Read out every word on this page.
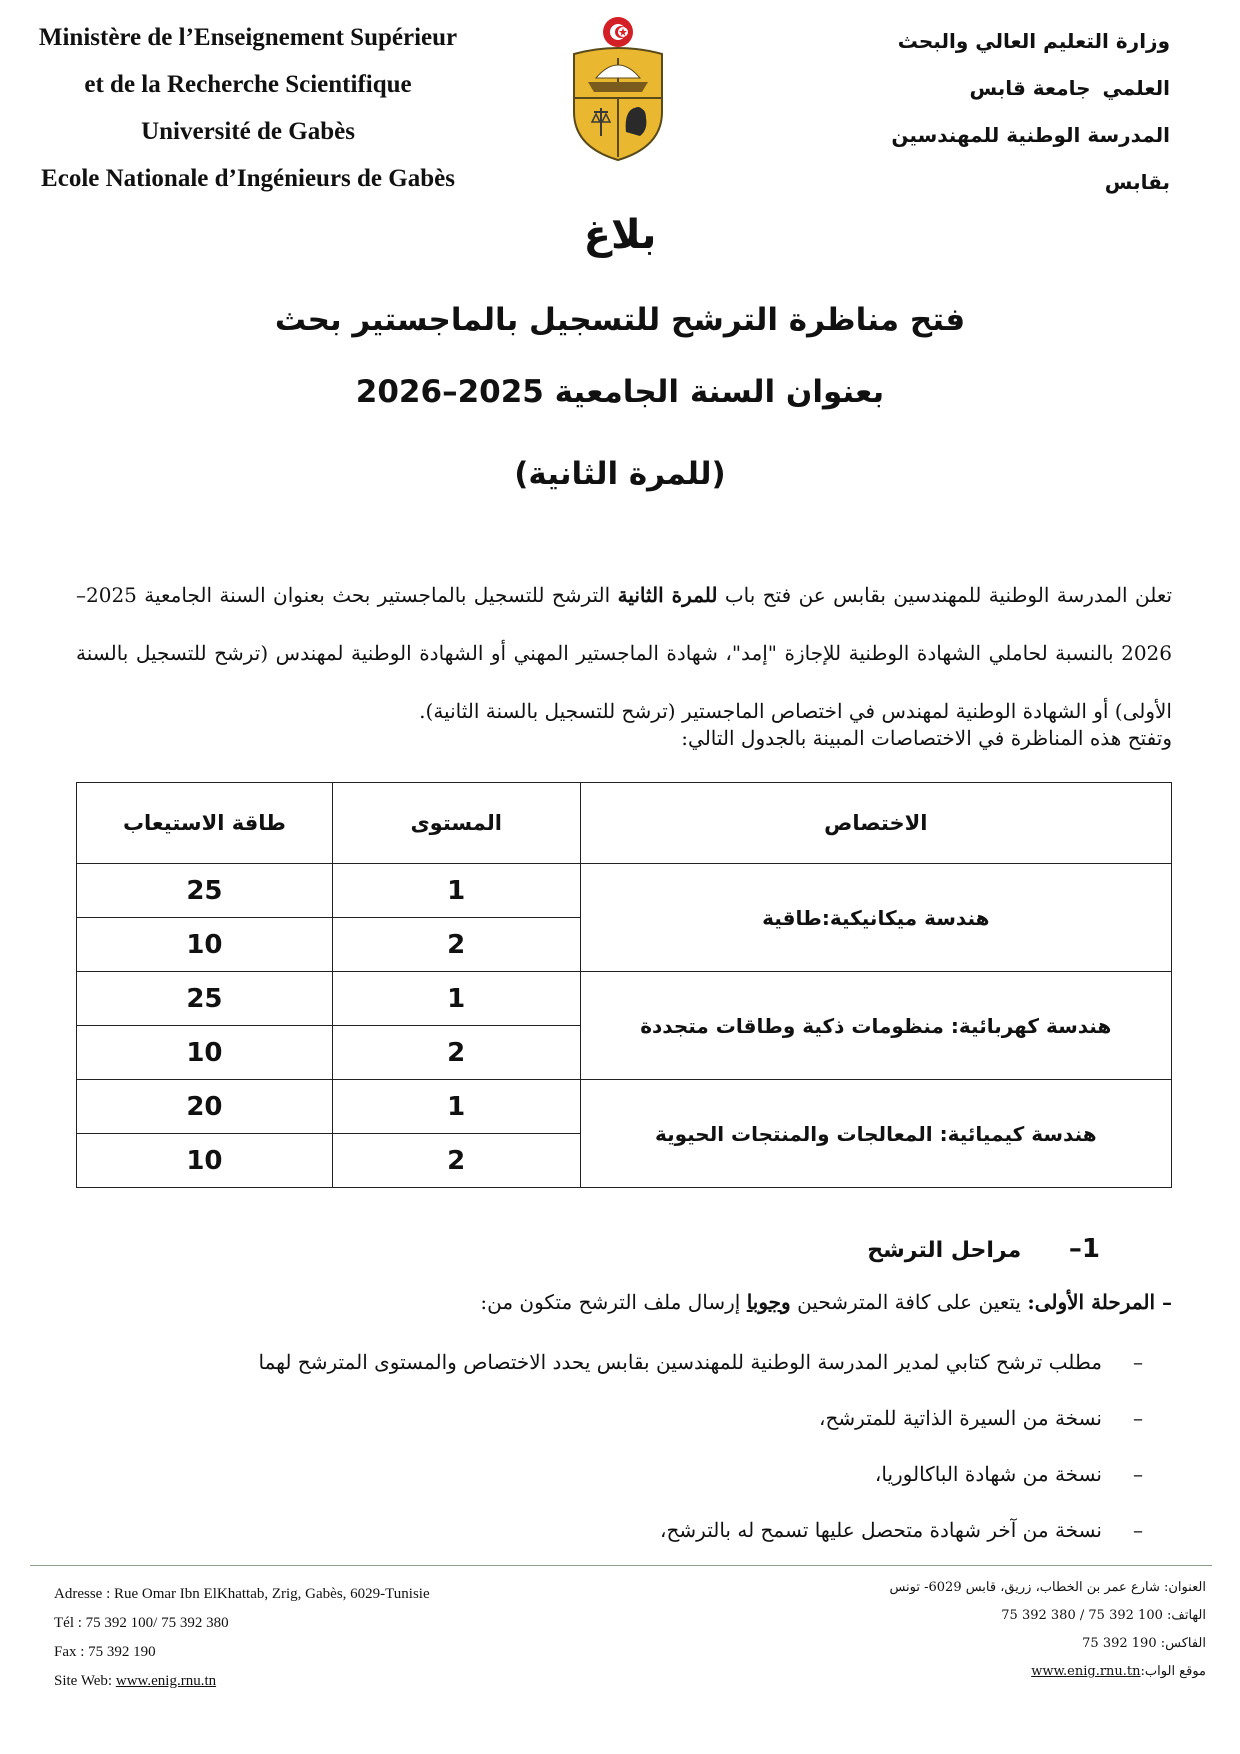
Ministère de l’Enseignement Supérieur
et de la Recherche Scientifique
Université de Gabès
Ecole Nationale d’Ingénieurs de Gabès
وزارة التعليم العالي والبحث العلمي
جامعة قابس
المدرسة الوطنية للمهندسين بقابس
بلاغ
فتح مناظرة الترشح للتسجيل بالماجستير بحث
بعنوان السنة الجامعية 2025–2026
(للمرة الثانية)
تعلن المدرسة الوطنية للمهندسين بقابس عن فتح باب للمرة الثانية الترشح للتسجيل بالماجستير بحث بعنوان السنة الجامعية 2025–2026 بالنسبة لحاملي الشهادة الوطنية للإجازة "إمد"، شهادة الماجستير المهني أو الشهادة الوطنية لمهندس (ترشح للتسجيل بالسنة الأولى) أو الشهادة الوطنية لمهندس في اختصاص الماجستير (ترشح للتسجيل بالسنة الثانية).
وتفتح هذه المناظرة في الاختصاصات المبينة بالجدول التالي:
الاختصاص	المستوى	طاقة الاستيعاب
هندسة ميكانيكية:طاقية	1	25
	2	10
هندسة كهربائية: منظومات ذكية وطاقات متجددة	1	25
	2	10
هندسة كيميائية: المعالجات والمنتجات الحيوية	1	20
	2	10
1– مراحل الترشح
– المرحلة الأولى: يتعين على كافة المترشحين وجوبا إرسال ملف الترشح متكون من:
– مطلب ترشح كتابي لمدير المدرسة الوطنية للمهندسين بقابس يحدد الاختصاص والمستوى المترشح لهما
– نسخة من السيرة الذاتية للمترشح،
– نسخة من شهادة الباكالوريا،
– نسخة من آخر شهادة متحصل عليها تسمح له بالترشح،
Adresse : Rue Omar Ibn ElKhattab, Zrig, Gabès, 6029-Tunisie
Tél : 75 392 100/ 75 392 380
Fax : 75 392 190
Site Web: www.enig.rnu.tn
العنوان: شارع عمر بن الخطاب، زريق، قابس 6029- تونس
الهاتف: 100 392 75 / 380 392 75
الفاكس: 190 392 75
موقع الواب:www.enig.rnu.tn
